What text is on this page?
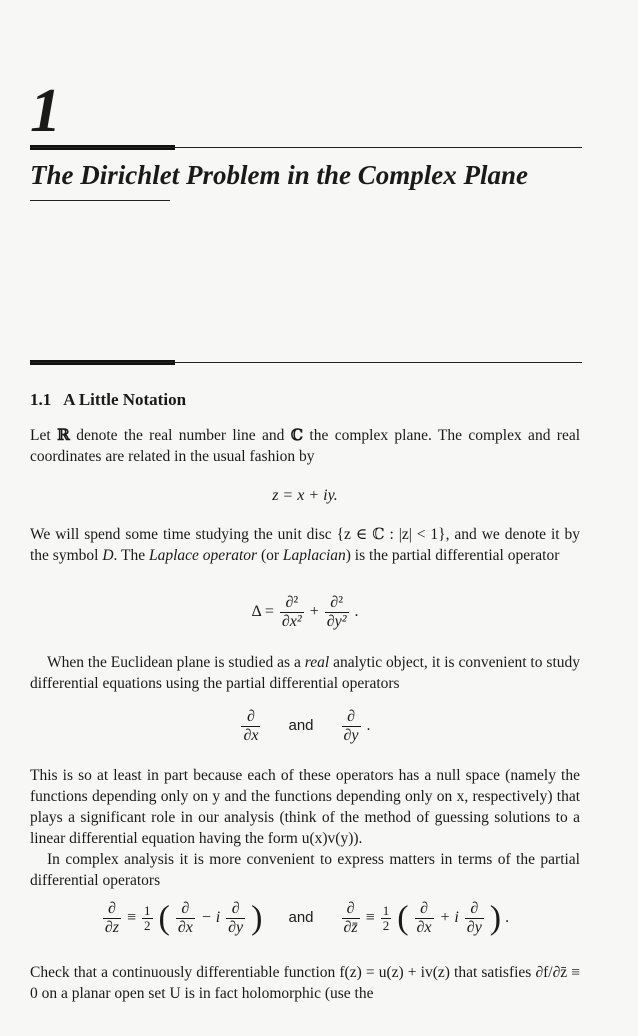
1
The Dirichlet Problem in the Complex Plane
1.1 A Little Notation
Let ℝ denote the real number line and ℂ the complex plane. The complex and real coordinates are related in the usual fashion by
z = x + iy.
We will spend some time studying the unit disc {z ∈ ℂ : |z| < 1}, and we denote it by the symbol D. The Laplace operator (or Laplacian) is the partial differential operator
$\Delta = \frac{\text{∂²}}{\text{∂x²}} + \frac{\text{∂²}}{\text{∂y²}}$ .
When the Euclidean plane is studied as a real analytic object, it is convenient to study differential equations using the partial differential operators
$\frac{\partial}{\partial x}$ and $\frac{\partial}{\partial y}$ .
This is so at least in part because each of these operators has a null space (namely the functions depending only on y and the functions depending only on x, respectively) that plays a significant role in our analysis (think of the method of guessing solutions to a linear differential equation having the form u(x)v(y)).
In complex analysis it is more convenient to express matters in terms of the partial differential operators
$\frac{\partial}{\partial z} \equiv \frac{1}{2}$ ( $\frac{\partial}{\partial x} - i \frac{\partial}{\partial y}$ ) and $\frac{\partial}{\partial z̄} \equiv \frac{1}{2}$ ( $\frac{\partial}{\partial x} + i \frac{\partial}{\partial y}$ ) .
Check that a continuously differentiable function f(z) = u(z) + iv(z) that satisfies ∂f/∂z̄ ≡ 0 on a planar open set U is in fact holomorphic (use the
